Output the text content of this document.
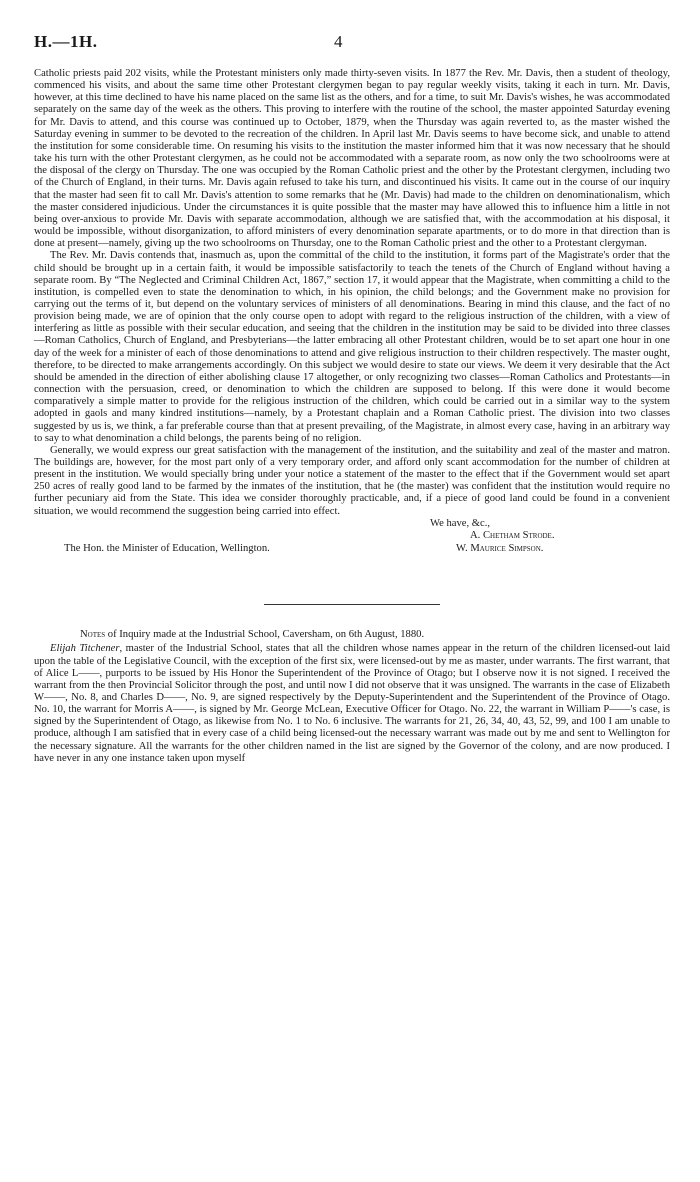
H.—1H.	4

Catholic priests paid 202 visits, while the Protestant ministers only made thirty-seven visits. In 1877 the Rev. Mr. Davis, then a student of theology, commenced his visits, and about the same time other Protestant clergymen began to pay regular weekly visits, taking it each in turn. Mr. Davis, however, at this time declined to have his name placed on the same list as the others, and for a time, to suit Mr. Davis's wishes, he was accommodated separately on the same day of the week as the others. This proving to interfere with the routine of the school, the master appointed Saturday evening for Mr. Davis to attend, and this course was continued up to October, 1879, when the Thursday was again reverted to, as the master wished the Saturday evening in summer to be devoted to the recreation of the children. In April last Mr. Davis seems to have become sick, and unable to attend the institution for some considerable time. On resuming his visits to the institution the master informed him that it was now necessary that he should take his turn with the other Protestant clergymen, as he could not be accommodated with a separate room, as now only the two schoolrooms were at the disposal of the clergy on Thursday. The one was occupied by the Roman Catholic priest and the other by the Protestant clergymen, including two of the Church of England, in their turns. Mr. Davis again refused to take his turn, and discontinued his visits. It came out in the course of our inquiry that the master had seen fit to call Mr. Davis's attention to some remarks that he (Mr. Davis) had made to the children on denominationalism, which the master considered injudicious. Under the circumstances it is quite possible that the master may have allowed this to influence him a little in not being over-anxious to provide Mr. Davis with separate accommodation, although we are satisfied that, with the accommodation at his disposal, it would be impossible, without disorganization, to afford ministers of every denomination separate apartments, or to do more in that direction than is done at present—namely, giving up the two schoolrooms on Thursday, one to the Roman Catholic priest and the other to a Protestant clergyman.

The Rev. Mr. Davis contends that, inasmuch as, upon the committal of the child to the institution, it forms part of the Magistrate's order that the child should be brought up in a certain faith, it would be impossible satisfactorily to teach the tenets of the Church of England without having a separate room. By “The Neglected and Criminal Children Act, 1867,” section 17, it would appear that the Magistrate, when committing a child to the institution, is compelled even to state the denomination to which, in his opinion, the child belongs; and the Government make no provision for carrying out the terms of it, but depend on the voluntary services of ministers of all denominations. Bearing in mind this clause, and the fact of no provision being made, we are of opinion that the only course open to adopt with regard to the religious instruction of the children, with a view of interfering as little as possible with their secular education, and seeing that the children in the institution may be said to be divided into three classes—Roman Catholics, Church of England, and Presbyterians—the latter embracing all other Protestant children, would be to set apart one hour in one day of the week for a minister of each of those denominations to attend and give religious instruction to their children respectively. The master ought, therefore, to be directed to make arrangements accordingly. On this subject we would desire to state our views. We deem it very desirable that the Act should be amended in the direction of either abolishing clause 17 altogether, or only recognizing two classes—Roman Catholics and Protestants—in connection with the persuasion, creed, or denomination to which the children are supposed to belong. If this were done it would become comparatively a simple matter to provide for the religious instruction of the children, which could be carried out in a similar way to the system adopted in gaols and many kindred institutions—namely, by a Protestant chaplain and a Roman Catholic priest. The division into two classes suggested by us is, we think, a far preferable course than that at present prevailing, of the Magistrate, in almost every case, having in an arbitrary way to say to what denomination a child belongs, the parents being of no religion.

Generally, we would express our great satisfaction with the management of the institution, and the suitability and zeal of the master and matron. The buildings are, however, for the most part only of a very temporary order, and afford only scant accommodation for the number of children at present in the institution. We would specially bring under your notice a statement of the master to the effect that if the Government would set apart 250 acres of really good land to be farmed by the inmates of the institution, that he (the master) was confident that the institution would require no further pecuniary aid from the State. This idea we consider thoroughly practicable, and, if a piece of good land could be found in a convenient situation, we would recommend the suggestion being carried into effect.

We have, &c.,
A. Chetham Strode.
The Hon. the Minister of Education, Wellington.	W. Maurice Simpson.
Notes of Inquiry made at the Industrial School, Caversham, on 6th August, 1880.

Elijah Titchener, master of the Industrial School, states that all the children whose names appear in the return of the children licensed-out laid upon the table of the Legislative Council, with the exception of the first six, were licensed-out by me as master, under warrants. The first warrant, that of Alice L——, purports to be issued by His Honor the Superintendent of the Province of Otago; but I observe now it is not signed. I received the warrant from the then Provincial Solicitor through the post, and until now I did not observe that it was unsigned. The warrants in the case of Elizabeth W——, No. 8, and Charles D——, No. 9, are signed respectively by the Deputy-Superintendent and the Superintendent of the Province of Otago. No. 10, the warrant for Morris A——, is signed by Mr. George McLean, Executive Officer for Otago. No. 22, the warrant in William P——'s case, is signed by the Superintendent of Otago, as likewise from No. 1 to No. 6 inclusive. The warrants for 21, 26, 34, 40, 43, 52, 99, and 100 I am unable to produce, although I am satisfied that in every case of a child being licensed-out the necessary warrant was made out by me and sent to Wellington for the necessary signature. All the warrants for the other children named in the list are signed by the Governor of the colony, and are now produced. I have never in any one instance taken upon myself
